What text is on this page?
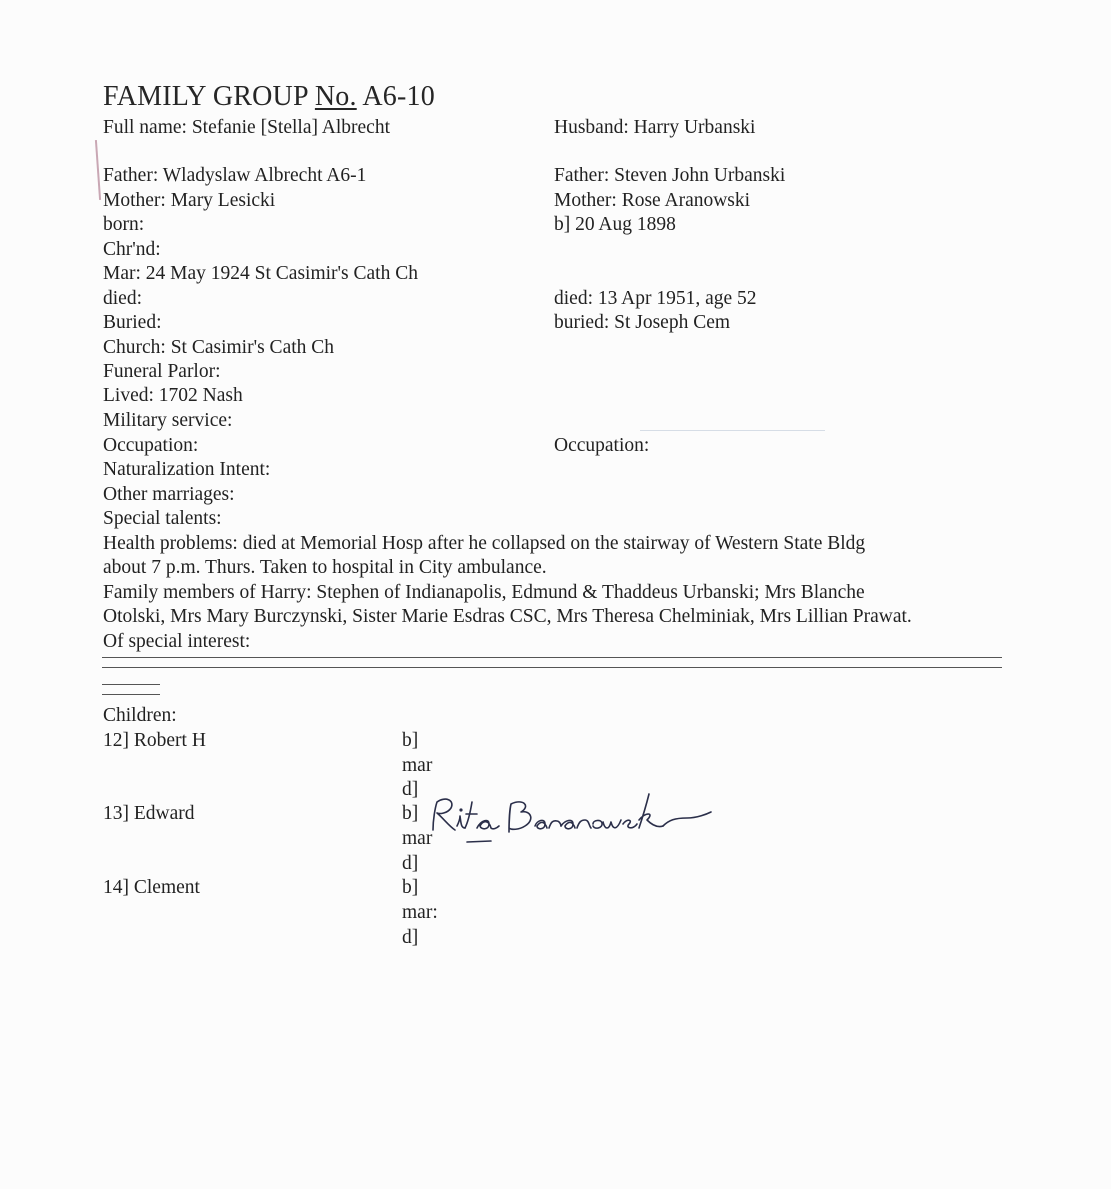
FAMILY GROUP No. A6-10
Full name: Stefanie [Stella] Albrecht
Father: Wladyslaw Albrecht A6-1
Mother: Mary Lesicki
born:
Chr'nd:
Mar: 24 May 1924 St Casimir's Cath Ch
died:
Buried:
Church: St Casimir's Cath Ch
Funeral Parlor:
Lived: 1702 Nash
Military service:
Occupation:
Naturalization Intent:
Other marriages:
Special talents:
Health problems: died at Memorial Hosp after he collapsed on the stairway of Western State Bldg
about 7 p.m. Thurs. Taken to hospital in City ambulance.
Family members of Harry: Stephen of Indianapolis, Edmund & Thaddeus Urbanski; Mrs Blanche
Otolski, Mrs Mary Burczynski, Sister Marie Esdras CSC, Mrs Theresa Chelminiak, Mrs Lillian Prawat.
Of special interest:
Husband: Harry Urbanski
Father: Steven John Urbanski
Mother: Rose Aranowski
b] 20 Aug 1898
died: 13 Apr 1951, age 52
buried: St Joseph Cem
Occupation:
Children:
12] Robert H	b]
mar
d]
13] Edward	b]
mar
d]
14] Clement	b]
mar:
d]
